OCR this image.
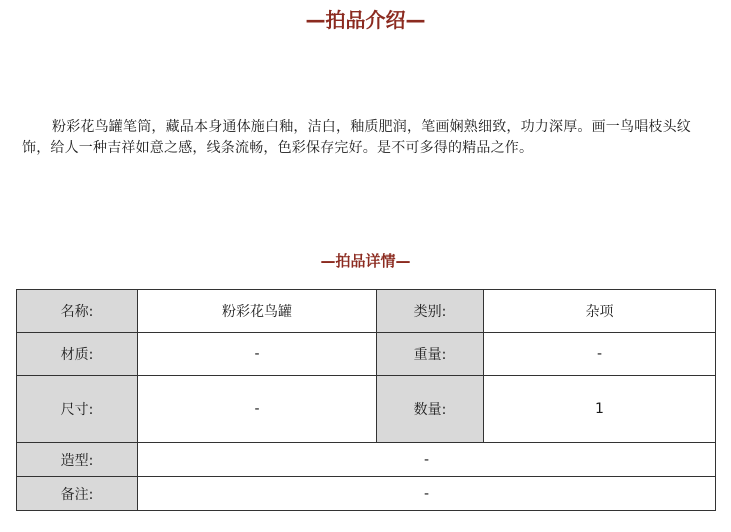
—拍品介绍—

粉彩花鸟罐笔筒，藏品本身通体施白釉，洁白，釉质肥润，笔画娴熟细致，功力深厚。画一鸟唱枝头纹饰，给人一种吉祥如意之感，线条流畅，色彩保存完好。是不可多得的精品之作。

—拍品详情—
名称:	粉彩花鸟罐	类别:	杂项
材质:	-	重量:	-
尺寸:	-	数量:	1
造型:	-		
备注:	-		
